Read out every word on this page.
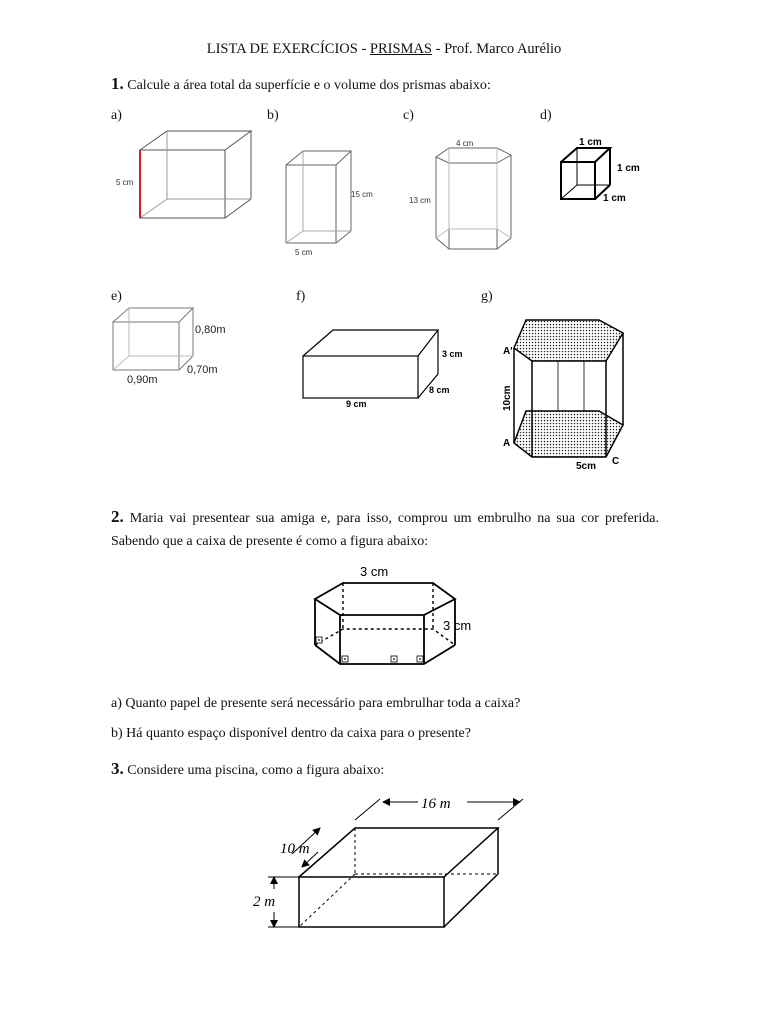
LISTA DE EXERCÍCIOS - PRISMAS - Prof. Marco Aurélio
1. Calcule a área total da superfície e o volume dos prismas abaixo:
a)	b)	c)	d)
5 cm
15 cm
5 cm
4 cm
13 cm
1 cm
1 cm
1 cm
e)	f)	g)
0,80m
0,70m
0,90m
3 cm
8 cm
9 cm
A'
A
C
10cm
5cm
2. Maria vai presentear sua amiga e, para isso, comprou um embrulho na sua cor preferida. Sabendo que a caixa de presente é como a figura abaixo:
3 cm
3 cm
a) Quanto papel de presente será necessário para embrulhar toda a caixa?
b) Há quanto espaço disponível dentro da caixa para o presente?
3. Considere uma piscina, como a figura abaixo:
16 m
10 m
2 m
